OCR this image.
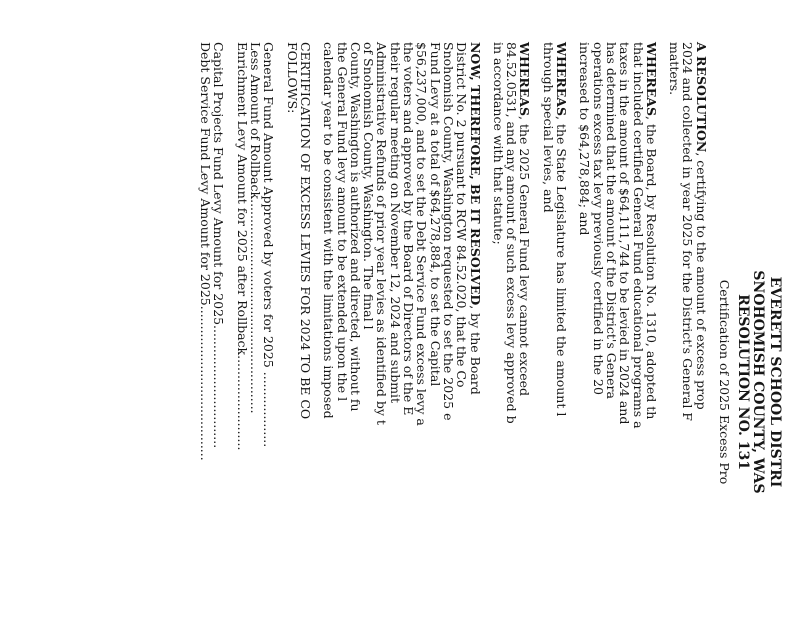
EVERETT SCHOOL DISTRI
SNOHOMISH COUNTY, WAS
RESOLUTION NO. 131
Certification of 2025 Excess Pro
A RESOLUTION, certifying to the amount of excess prop
2024 and collected in year 2025 for the District's General F
matters.
WHEREAS, the Board, by Resolution No. 1310, adopted th
that included certified General Fund educational programs a
taxes in the amount of $64,111,744 to be levied in 2024 and
has determined that the amount of the District's Genera
operations excess tax levy previously certified in the 20
increased to $64,278,884; and
WHEREAS, the State Legislature has limited the amount l
through special levies, and
WHEREAS, the 2025 General Fund levy cannot exceed
84.52.0531, and any amount of such excess levy approved b
in accordance with that statute;
NOW, THEREFORE, BE IT RESOLVED, by the Board
District No. 2 pursuant to RCW 84.52.020, that the Co
Snohomish County, Washington requested to set the 2025 e
Fund Levy at a total of $64,278,884, to set the Capital
$56,237,000, and to set the Debt Service Fund excess levy a
the voters and approved by the Board of Directors of the E
their regular meeting on November 12, 2024 and submit
Administrative Refunds of prior year levies as identified by t
of Snohomish County, Washington. The final l
County, Washington is authorized and directed, without fu
the General Fund levy amount to be extended upon the l
calendar year to be consistent with the limitations imposed
CERTIFICATION OF EXCESS LEVIES FOR 2024 TO BE CO
FOLLOWS:
General Fund Amount Approved by voters for 2025 ...................
Less Amount of Rollback......................................................
Enrichment Levy Amount for 2025 after Rollback........................
Capital Projects Fund Levy Amount for 2025...............................
Debt Service Fund Levy Amount for 2025.......................................
